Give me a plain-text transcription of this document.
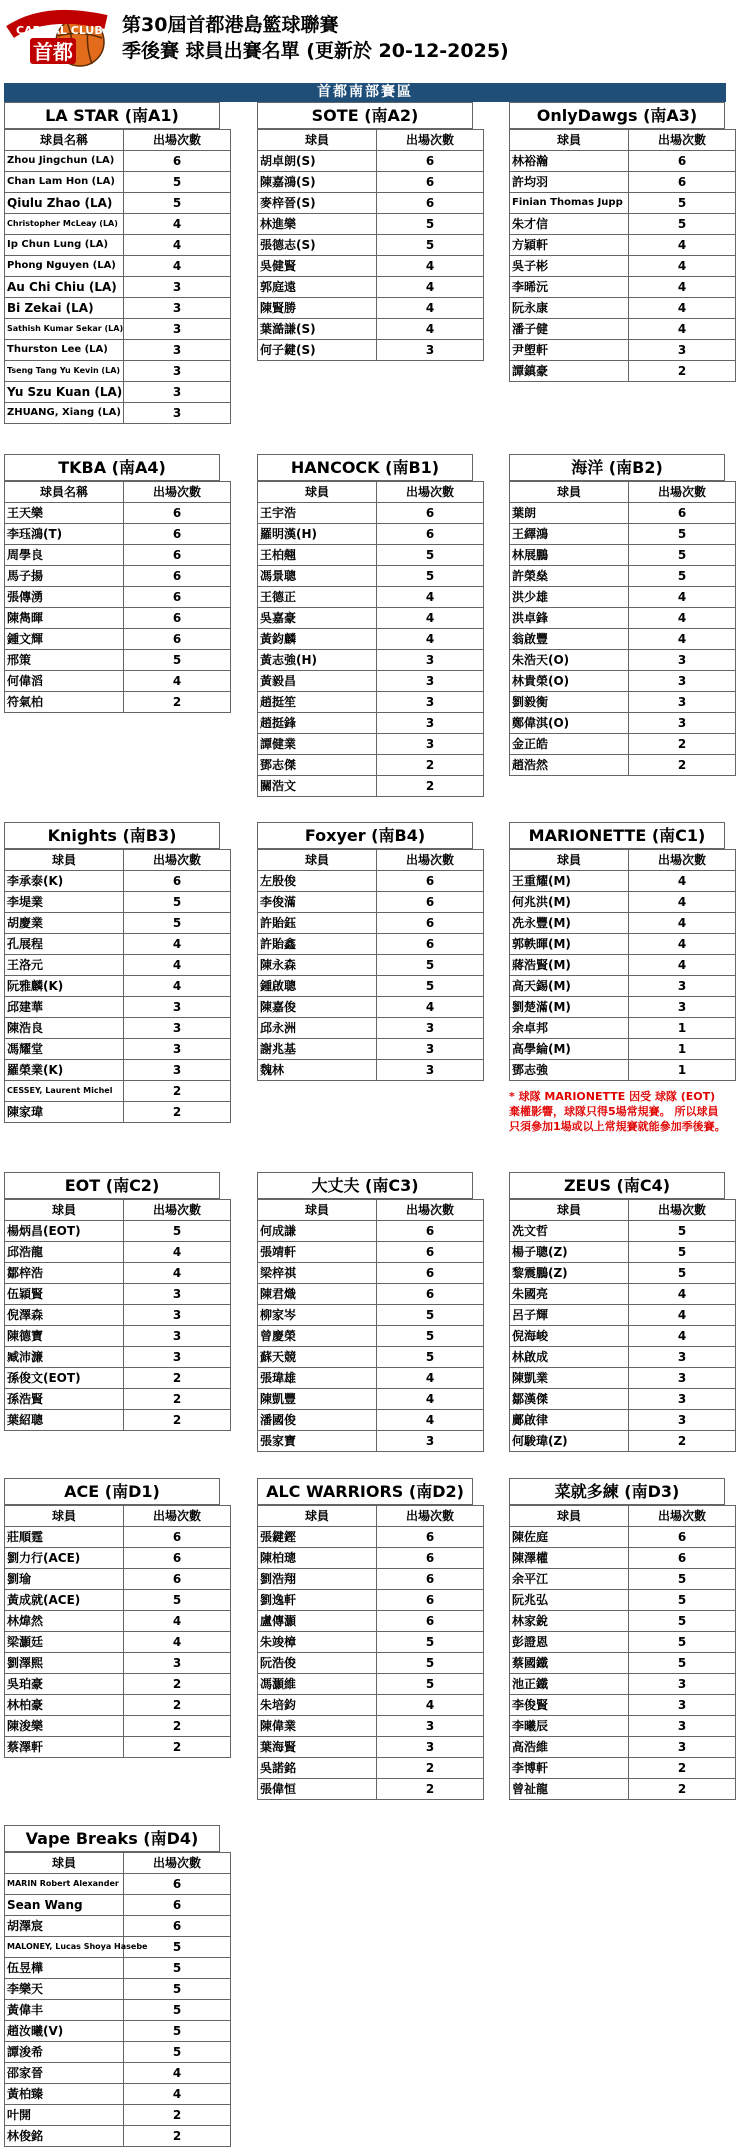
CAPITAL CLUB
首都
第30屆首都港島籃球聯賽
季後賽 球員出賽名單 (更新於 20-12-2025)
首都南部賽區
LA STAR (南A1)
球員名稱	出場次數
Zhou Jingchun (LA)	6
Chan Lam Hon (LA)	5
Qiulu Zhao (LA)	5
Christopher McLeay (LA)	4
Ip Chun Lung (LA)	4
Phong Nguyen (LA)	4
Au Chi Chiu (LA)	3
Bi Zekai (LA)	3
Sathish Kumar Sekar (LA)	3
Thurston Lee (LA)	3
Tseng Tang Yu Kevin (LA)	3
Yu Szu Kuan (LA)	3
ZHUANG, Xiang (LA)	3
SOTE (南A2)
球員	出場次數
胡卓朗(S)	6
陳嘉鴻(S)	6
麥梓晉(S)	6
林進樂	5
張德志(S)	5
吳健賢	4
郭庭遠	4
陳賢勝	4
葉澔謙(S)	4
何子鍵(S)	3
OnlyDawgs (南A3)
球員	出場次數
林裕瀚	6
許均羽	6
Finian Thomas Jupp	5
朱才信	5
方穎軒	4
吳子彬	4
李晞沅	4
阮永康	4
潘子健	4
尹塱軒	3
譚鎮豪	2
TKBA (南A4)
球員名稱	出場次數
王天樂	6
李珏鴻(T)	6
周學良	6
馬子揚	6
張傳湧	6
陳雋暉	6
鍾文輝	6
邢策	5
何偉滔	4
符氣柏	2
HANCOCK (南B1)
球員	出場次數
王宇浩	6
羅明漢(H)	6
王柏翹	5
馮景聰	5
王德正	4
吳嘉豪	4
黃鈞麟	4
黃志強(H)	3
黃毅昌	3
趙挺笙	3
趙挺鋒	3
譚健業	3
鄧志傑	2
關浩文	2
海洋 (南B2)
球員	出場次數
葉朗	6
王繹鴻	5
林展鵬	5
許榮燊	5
洪少雄	4
洪卓鋒	4
翁啟豐	4
朱浩天(O)	3
林貴榮(O)	3
劉毅衡	3
鄭偉淇(O)	3
金正皓	2
趙浩然	2
Knights (南B3)
球員	出場次數
李承泰(K)	6
李堤業	5
胡慶業	5
孔展程	4
王洛元	4
阮雅麟(K)	4
邱建華	3
陳浩良	3
馮耀堂	3
羅榮業(K)	3
CESSEY, Laurent Michel	2
陳家瑋	2
Foxyer (南B4)
球員	出場次數
左殷俊	6
李俊滿	6
許貽鈺	6
許貽鑫	6
陳永森	5
鍾啟聰	5
陳嘉俊	4
邱永洲	3
謝兆基	3
魏林	3
MARIONETTE (南C1)
球員	出場次數
王重耀(M)	4
何兆洪(M)	4
冼永豐(M)	4
郭軼暉(M)	4
蔣浩賢(M)	4
高天錫(M)	3
劉楚滿(M)	3
余卓邦	1
高學綸(M)	1
鄧志強	1
EOT (南C2)
球員	出場次數
楊炳昌(EOT)	5
邱浩龍	4
鄒梓浩	4
伍穎賢	3
倪澤森	3
陳德寶	3
臧沛濂	3
孫俊文(EOT)	2
孫浩賢	2
葉紹聰	2
大丈夫 (南C3)
球員	出場次數
何成謙	6
張靖軒	6
梁梓祺	6
陳君熾	6
柳家岑	5
曾慶榮	5
蘇天競	5
張瑋雄	4
陳凱豐	4
潘國俊	4
張家寶	3
ZEUS (南C4)
球員	出場次數
冼文哲	5
楊子聰(Z)	5
黎震鵬(Z)	5
朱國亮	4
呂子輝	4
倪海峻	4
林啟成	3
陳凱業	3
鄒漢傑	3
鄺啟律	3
何駿瑋(Z)	2
ACE (南D1)
球員	出場次數
莊順霆	6
劉力行(ACE)	6
劉瑜	6
黃成就(ACE)	5
林煒然	4
梁灝廷	4
劉澤熙	3
吳珀豪	2
林柏豪	2
陳浚樂	2
蔡澤軒	2
ALC WARRIORS (南D2)
球員	出場次數
張鍵鏗	6
陳柏璁	6
劉浩翔	6
劉逸軒	6
盧傳灝	6
朱竣樟	5
阮浩俊	5
馮灝維	5
朱培鈞	4
陳偉業	3
葉海賢	3
吳諾銘	2
張偉恒	2
菜就多練 (南D3)
球員	出場次數
陳佐庭	6
陳澤權	6
余平江	5
阮兆弘	5
林家銳	5
彭證恩	5
蔡國鐵	5
池正鐵	3
李俊賢	3
李曦辰	3
高浩維	3
李博軒	2
曾祉龍	2
Vape Breaks (南D4)
球員	出場次數
MARIN Robert Alexander	6
Sean Wang	6
胡澤宸	6
MALONEY, Lucas Shoya Hasebe	5
伍昱樺	5
李樂天	5
黃偉丰	5
趙汝曦(V)	5
譚浚希	5
邵家晉	4
黃柏臻	4
叶開	2
林俊銘	2
* 球隊 MARIONETTE 因受 球隊 (EOT) 棄權影響，球隊只得5場常規賽。 所以球員只須參加1場或以上常規賽就能參加季後賽。
